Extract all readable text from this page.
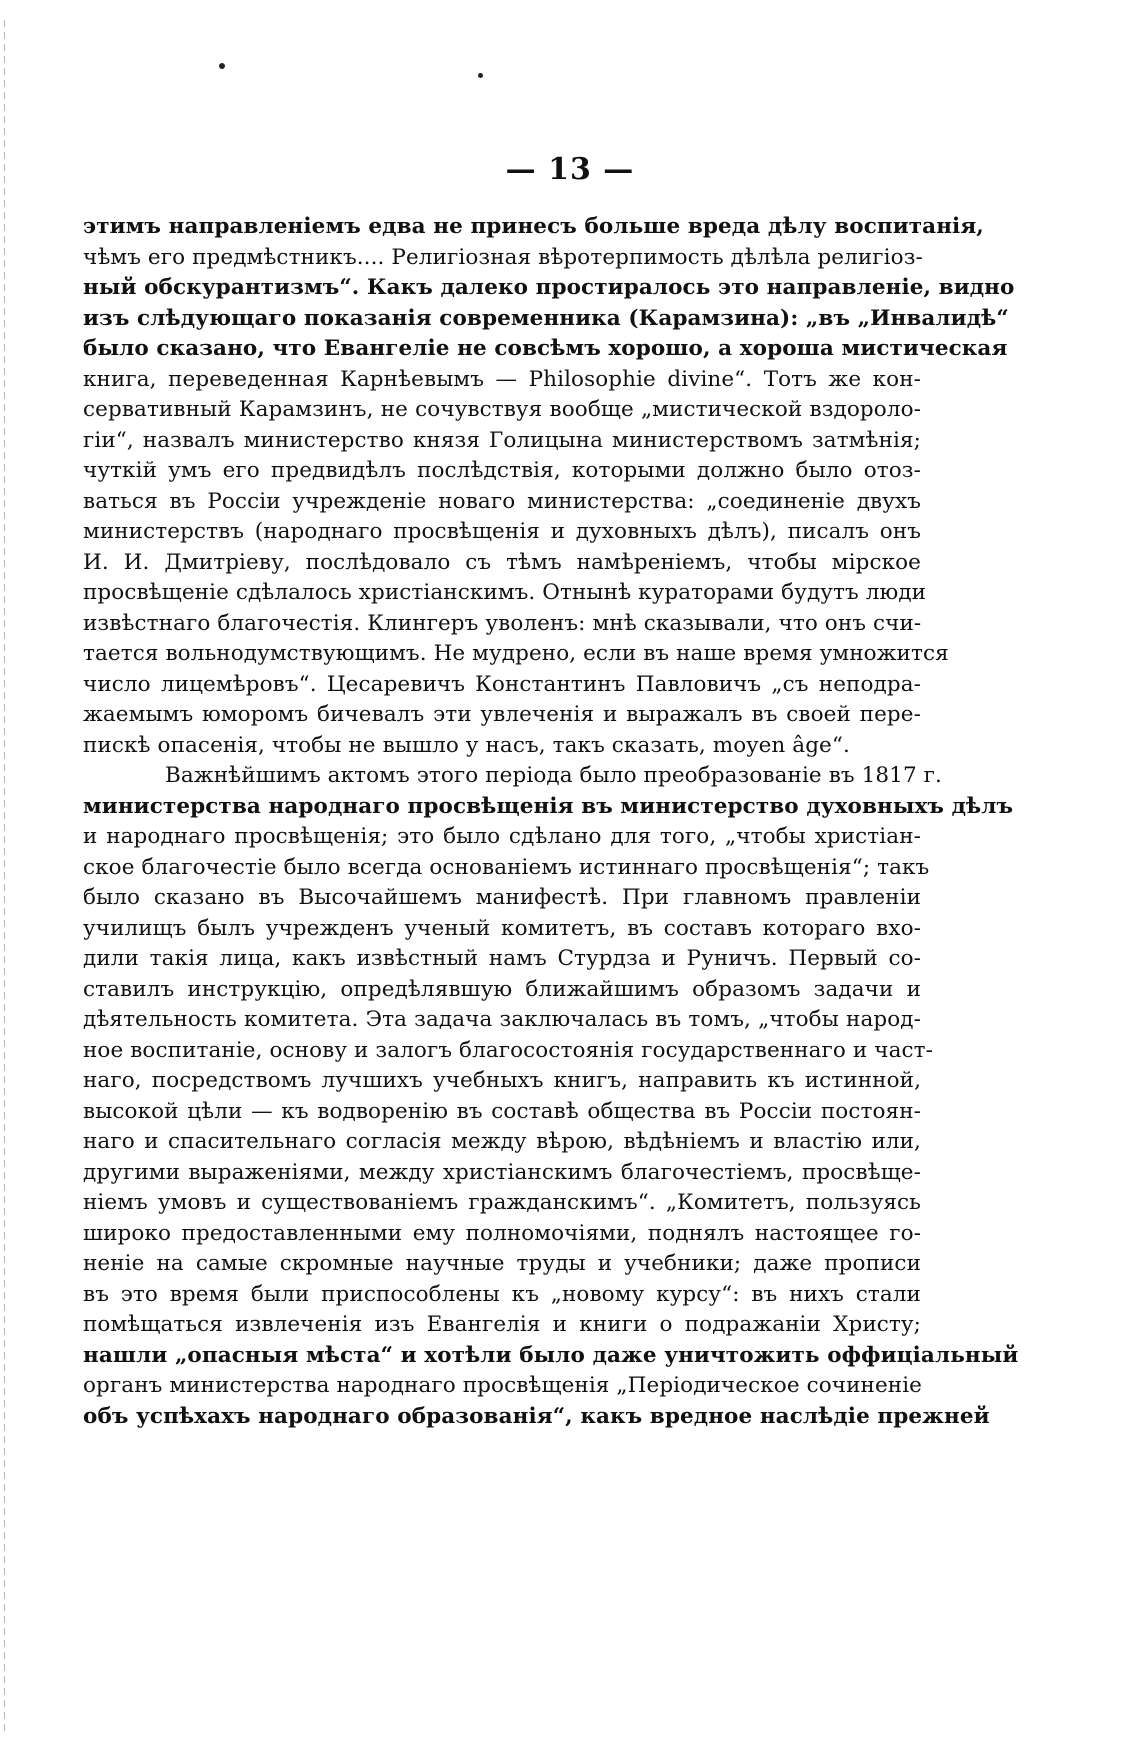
— 13 —
этимъ направленіемъ едва не принесъ больше вреда дѣлу воспитанія,
чѣмъ его предмѣстникъ.... Религіозная вѣротерпимость дѣлѣла религіоз-
ный обскурантизмъ“. Какъ далеко простиралось это направленіе, видно
изъ слѣдующаго показанія современника (Карамзина): „въ „Инвалидѣ“
было сказано, что Евангеліе не совсѣмъ хорошо, а хороша мистическая
книга, переведенная Карнѣевымъ — Philosophie divine“. Тотъ же кон-
сервативный Карамзинъ, не сочувствуя вообще „мистической вздороло-
гіи“, назвалъ министерство князя Голицына министерствомъ затмѣнія;
чуткій умъ его предвидѣлъ послѣдствія, которыми должно было отоз-
ваться въ Россіи учрежденіе новаго министерства: „соединеніе двухъ
министерствъ (народнаго просвѣщенія и духовныхъ дѣлъ), писалъ онъ
И. И. Дмитріеву, послѣдовало съ тѣмъ намѣреніемъ, чтобы мірское
просвѣщеніе сдѣлалось христіанскимъ. Отнынѣ кураторами будутъ люди
извѣстнаго благочестія. Клингеръ уволенъ: мнѣ сказывали, что онъ счи-
тается вольнодумствующимъ. Не мудрено, если въ наше время умножится
число лицемѣровъ“. Цесаревичъ Константинъ Павловичъ „съ неподра-
жаемымъ юморомъ бичевалъ эти увлеченія и выражалъ въ своей пере-
пискѣ опасенія, чтобы не вышло у насъ, такъ сказать, moyen âge“.
Важнѣйшимъ актомъ этого періода было преобразованіе въ 1817 г.
министерства народнаго просвѣщенія въ министерство духовныхъ дѣлъ
и народнаго просвѣщенія; это было сдѣлано для того, „чтобы христіан-
ское благочестіе было всегда основаніемъ истиннаго просвѣщенія“; такъ
было сказано въ Высочайшемъ манифестѣ. При главномъ правленіи
училищъ былъ учрежденъ ученый комитетъ, въ составъ котораго вхо-
дили такія лица, какъ извѣстный намъ Стурдза и Руничъ. Первый со-
ставилъ инструкцію, опредѣлявшую ближайшимъ образомъ задачи и
дѣятельность комитета. Эта задача заключалась въ томъ, „чтобы народ-
ное воспитаніе, основу и залогъ благосостоянія государственнаго и част-
наго, посредствомъ лучшихъ учебныхъ книгъ, направить къ истинной,
высокой цѣли — къ водворенію въ составѣ общества въ Россіи постоян-
наго и спасительнаго согласія между вѣрою, вѣдѣніемъ и властію или,
другими выраженіями, между христіанскимъ благочестіемъ, просвѣще-
ніемъ умовъ и существованіемъ гражданскимъ“. „Комитетъ, пользуясь
широко предоставленными ему полномочіями, поднялъ настоящее го-
неніе на самые скромные научные труды и учебники; даже прописи
въ это время были приспособлены къ „новому курсу“: въ нихъ стали
помѣщаться извлеченія изъ Евангелія и книги о подражаніи Христу;
нашли „опасныя мѣста“ и хотѣли было даже уничтожить оффиціальный
органъ министерства народнаго просвѣщенія „Періодическое сочиненіе
объ успѣхахъ народнаго образованія“, какъ вредное наслѣдіе прежней
